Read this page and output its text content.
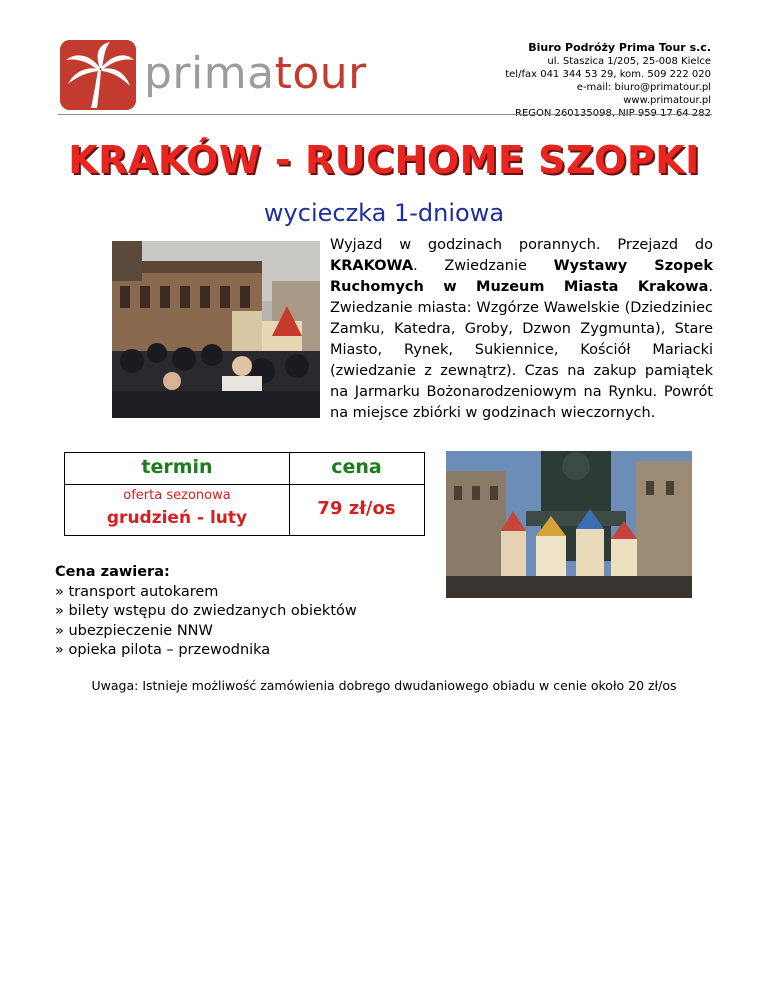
primatour
Biuro Podróży Prima Tour s.c.
ul. Staszica 1/205, 25-008 Kielce
tel/fax 041 344 53 29, kom. 509 222 020
e-mail: biuro@primatour.pl
www.primatour.pl
REGON 260135098, NIP 959 17 64 282
KRAKÓW - RUCHOME SZOPKI
wycieczka 1-dniowa
Wyjazd w godzinach porannych. Przejazd do KRAKOWA. Zwiedzanie Wystawy Szopek Ruchomych w Muzeum Miasta Krakowa. Zwiedzanie miasta: Wzgórze Wawelskie (Dziedziniec Zamku, Katedra, Groby, Dzwon Zygmunta), Stare Miasto, Rynek, Sukiennice, Kościół Mariacki (zwiedzanie z zewnątrz). Czas na zakup pamiątek na Jarmarku Bożonarodzeniowym na Rynku. Powrót na miejsce zbiórki w godzinach wieczornych.
termin	cena
oferta sezonowa
grudzień - luty	79 zł/os
Cena zawiera:
» transport autokarem
» bilety wstępu do zwiedzanych obiektów
» ubezpieczenie NNW
» opieka pilota – przewodnika
Uwaga: Istnieje możliwość zamówienia dobrego dwudaniowego obiadu w cenie około 20 zł/os
